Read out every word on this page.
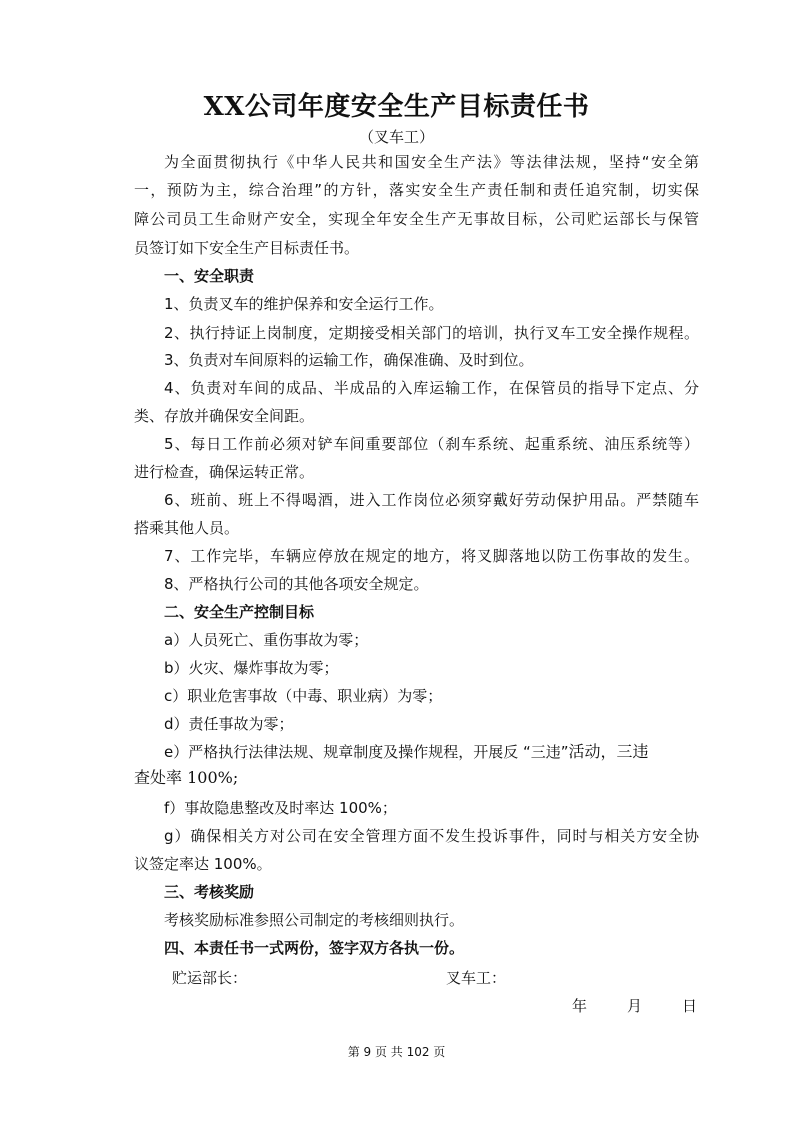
XX公司年度安全生产目标责任书
（叉车工）
为全面贯彻执行《中华人民共和国安全生产法》等法律法规，坚持“安全第
一，预防为主，综合治理”的方针，落实安全生产责任制和责任追究制，切实保
障公司员工生命财产安全，实现全年安全生产无事故目标，公司贮运部长与保管
员签订如下安全生产目标责任书。
一、安全职责
1、负责叉车的维护保养和安全运行工作。
2、执行持证上岗制度，定期接受相关部门的培训，执行叉车工安全操作规程。
3、负责对车间原料的运输工作，确保准确、及时到位。
4、负责对车间的成品、半成品的入库运输工作，在保管员的指导下定点、分
类、存放并确保安全间距。
5、每日工作前必须对铲车间重要部位（刹车系统、起重系统、油压系统等）
进行检查，确保运转正常。
6、班前、班上不得喝酒，进入工作岗位必须穿戴好劳动保护用品。严禁随车
搭乘其他人员。
7、工作完毕，车辆应停放在规定的地方，将叉脚落地以防工伤事故的发生。
8、严格执行公司的其他各项安全规定。
二、安全生产控制目标
a）人员死亡、重伤事故为零；
b）火灾、爆炸事故为零；
c）职业危害事故（中毒、职业病）为零；
d）责任事故为零；
e）严格执行法律法规、规章制度及操作规程，开展反 “三违”活动，三违
查处率 100%;
f）事故隐患整改及时率达 100%；
g）确保相关方对公司在安全管理方面不发生投诉事件，同时与相关方安全协
议签定率达 100%。
三、考核奖励
考核奖励标准参照公司制定的考核细则执行。
四、本责任书一式两份，签字双方各执一份。
贮运部长：	叉车工：
年	月	日
第 9 页 共 102 页
